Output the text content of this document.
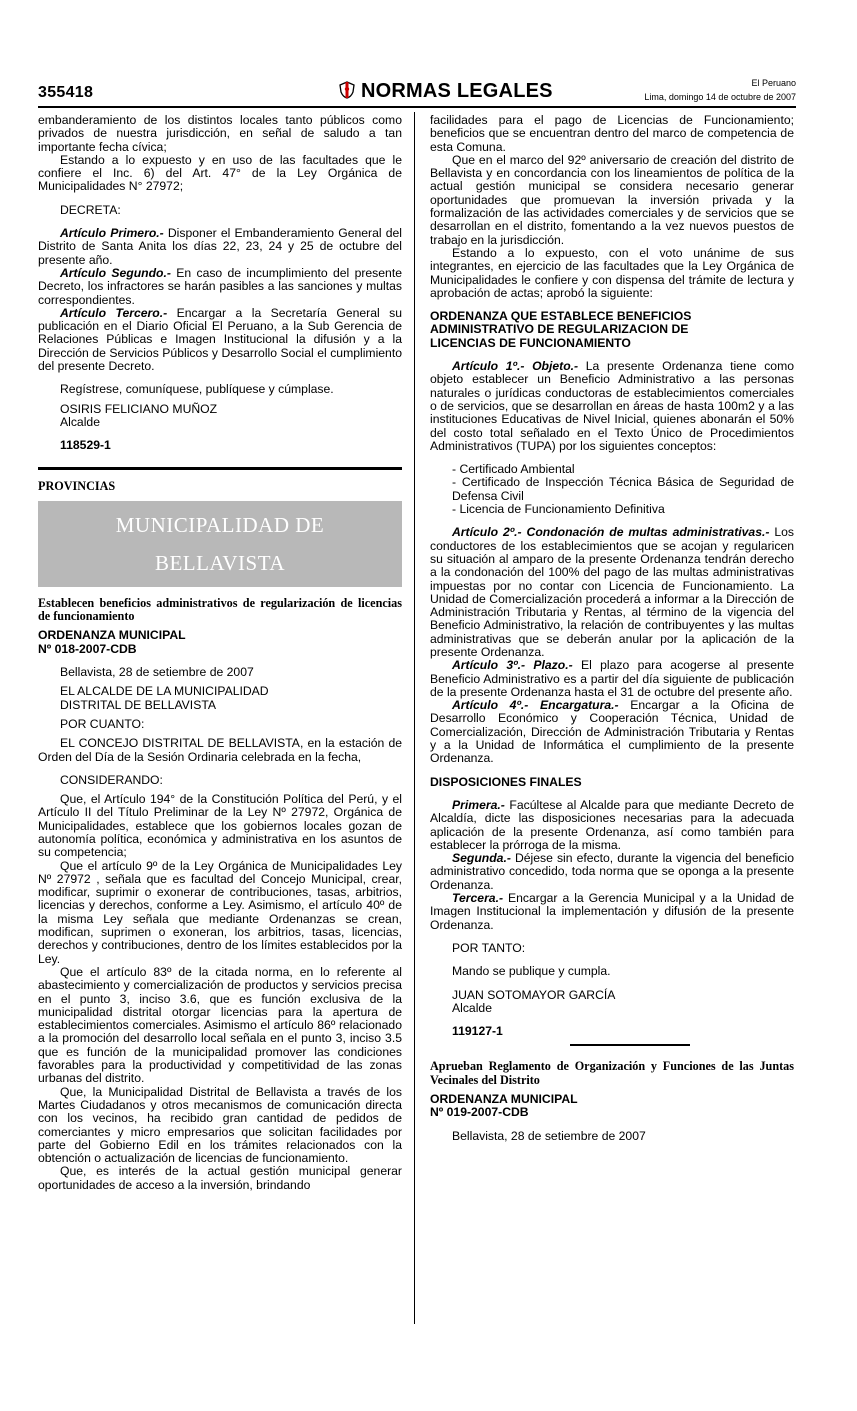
355418	NORMAS LEGALES	El Peruano
Lima, domingo 14 de octubre de 2007

embanderamiento de los distintos locales tanto públicos como privados de nuestra jurisdicción, en señal de saludo a tan importante fecha cívica;

Estando a lo expuesto y en uso de las facultades que le confiere el Inc. 6) del Art. 47° de la Ley Orgánica de Municipalidades N° 27972;

DECRETA:

Artículo Primero.- Disponer el Embanderamiento General del Distrito de Santa Anita los días 22, 23, 24 y 25 de octubre del presente año.

Artículo Segundo.- En caso de incumplimiento del presente Decreto, los infractores se harán pasibles a las sanciones y multas correspondientes.

Artículo Tercero.- Encargar a la Secretaría General su publicación en el Diario Oficial El Peruano, a la Sub Gerencia de Relaciones Públicas e Imagen Institucional la difusión y a la Dirección de Servicios Públicos y Desarrollo Social el cumplimiento del presente Decreto.

Regístrese, comuníquese, publíquese y cúmplase.

OSIRIS FELICIANO MUÑOZ

Alcalde

118529-1

PROVINCIAS

MUNICIPALIDAD DE
BELLAVISTA

Establecen beneficios administrativos de regularización de licencias de funcionamiento

ORDENANZA MUNICIPAL

Nº 018-2007-CDB

Bellavista, 28 de setiembre de 2007

EL ALCALDE DE LA MUNICIPALIDAD

DISTRITAL DE BELLAVISTA

POR CUANTO:

EL CONCEJO DISTRITAL DE BELLAVISTA, en la estación de Orden del Día de la Sesión Ordinaria celebrada en la fecha,

CONSIDERANDO:

Que, el Artículo 194° de la Constitución Política del Perú, y el Artículo II del Título Preliminar de la Ley Nº 27972, Orgánica de Municipalidades, establece que los gobiernos locales gozan de autonomía política, económica y administrativa en los asuntos de su competencia;

Que el artículo 9º de la Ley Orgánica de Municipalidades Ley Nº 27972 , señala que es facultad del Concejo Municipal, crear, modificar, suprimir o exonerar de contribuciones, tasas, arbitrios, licencias y derechos, conforme a Ley. Asimismo, el artículo 40º de la misma Ley señala que mediante Ordenanzas se crean, modifican, suprimen o exoneran, los arbitrios, tasas, licencias, derechos y contribuciones, dentro de los límites establecidos por la Ley.

Que el artículo 83º de la citada norma, en lo referente al abastecimiento y comercialización de productos y servicios precisa en el punto 3, inciso 3.6, que es función exclusiva de la municipalidad distrital otorgar licencias para la apertura de establecimientos comerciales. Asimismo el artículo 86º relacionado a la promoción del desarrollo local señala en el punto 3, inciso 3.5 que es función de la municipalidad promover las condiciones favorables para la productividad y competitividad de las zonas urbanas del distrito.

Que, la Municipalidad Distrital de Bellavista a través de los Martes Ciudadanos y otros mecanismos de comunicación directa con los vecinos, ha recibido gran cantidad de pedidos de comerciantes y micro empresarios que solicitan facilidades por parte del Gobierno Edil en los trámites relacionados con la obtención o actualización de licencias de funcionamiento.

Que, es interés de la actual gestión municipal generar oportunidades de acceso a la inversión, brindando

facilidades para el pago de Licencias de Funcionamiento; beneficios que se encuentran dentro del marco de competencia de esta Comuna.

Que en el marco del 92º aniversario de creación del distrito de Bellavista y en concordancia con los lineamientos de política de la actual gestión municipal se considera necesario generar oportunidades que promuevan la inversión privada y la formalización de las actividades comerciales y de servicios que se desarrollan en el distrito, fomentando a la vez nuevos puestos de trabajo en la jurisdicción.

Estando a lo expuesto, con el voto unánime de sus integrantes, en ejercicio de las facultades que la Ley Orgánica de Municipalidades le confiere y con dispensa del trámite de lectura y aprobación de actas; aprobó la siguiente:

ORDENANZA QUE ESTABLECE BENEFICIOS

ADMINISTRATIVO DE REGULARIZACION DE

LICENCIAS DE FUNCIONAMIENTO

Artículo 1º.- Objeto.- La presente Ordenanza tiene como objeto establecer un Beneficio Administrativo a las personas naturales o jurídicas conductoras de establecimientos comerciales o de servicios, que se desarrollan en áreas de hasta 100m2 y a las instituciones Educativas de Nivel Inicial, quienes abonarán el 50% del costo total señalado en el Texto Único de Procedimientos Administrativos (TUPA) por los siguientes conceptos:

- Certificado Ambiental

- Certificado de Inspección Técnica Básica de Seguridad de Defensa Civil

- Licencia de Funcionamiento Definitiva

Artículo 2º.- Condonación de multas administrativas.- Los conductores de los establecimientos que se acojan y regularicen su situación al amparo de la presente Ordenanza tendrán derecho a la condonación del 100% del pago de las multas administrativas impuestas por no contar con Licencia de Funcionamiento. La Unidad de Comercialización procederá a informar a la Dirección de Administración Tributaria y Rentas, al término de la vigencia del Beneficio Administrativo, la relación de contribuyentes y las multas administrativas que se deberán anular por la aplicación de la presente Ordenanza.

Artículo 3º.- Plazo.- El plazo para acogerse al presente Beneficio Administrativo es a partir del día siguiente de publicación de la presente Ordenanza hasta el 31 de octubre del presente año.

Artículo 4º.- Encargatura.- Encargar a la Oficina de Desarrollo Económico y Cooperación Técnica, Unidad de Comercialización, Dirección de Administración Tributaria y Rentas y a la Unidad de Informática el cumplimiento de la presente Ordenanza.

DISPOSICIONES FINALES

Primera.- Facúltese al Alcalde para que mediante Decreto de Alcaldía, dicte las disposiciones necesarias para la adecuada aplicación de la presente Ordenanza, así como también para establecer la prórroga de la misma.

Segunda.- Déjese sin efecto, durante la vigencia del beneficio administrativo concedido, toda norma que se oponga a la presente Ordenanza.

Tercera.- Encargar a la Gerencia Municipal y a la Unidad de Imagen Institucional la implementación y difusión de la presente Ordenanza.

POR TANTO:

Mando se publique y cumpla.

JUAN SOTOMAYOR GARCÍA

Alcalde

119127-1

Aprueban Reglamento de Organización y Funciones de las Juntas Vecinales del Distrito

ORDENANZA MUNICIPAL

Nº 019-2007-CDB

Bellavista, 28 de setiembre de 2007
